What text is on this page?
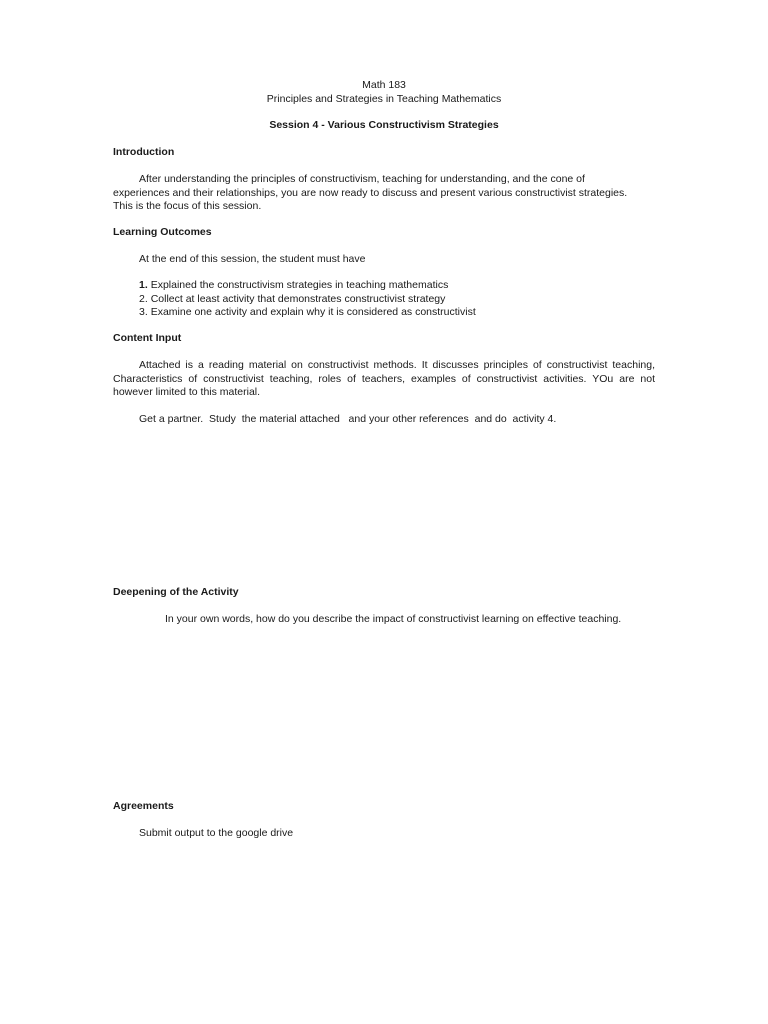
Math 183
Principles and Strategies in Teaching Mathematics
Session 4 - Various Constructivism Strategies
Introduction
After understanding the principles of constructivism, teaching for understanding, and the cone of experiences and their relationships, you are now ready to discuss and present various constructivist strategies. This is the focus of this session.
Learning Outcomes
At the end of this session, the student must have
1. Explained the constructivism strategies in teaching mathematics
2. Collect at least activity that demonstrates constructivist strategy
3. Examine one activity and explain why it is considered as constructivist
Content Input
Attached is a reading material on constructivist methods. It discusses principles of constructivist teaching, Characteristics of constructivist teaching, roles of teachers, examples of constructivist activities. YOu are not however limited to this material.
Get a partner.  Study  the material attached   and your other references  and do  activity 4.
Deepening of the Activity
In your own words, how do you describe the impact of constructivist learning on effective teaching.
Agreements
Submit output to the google drive
